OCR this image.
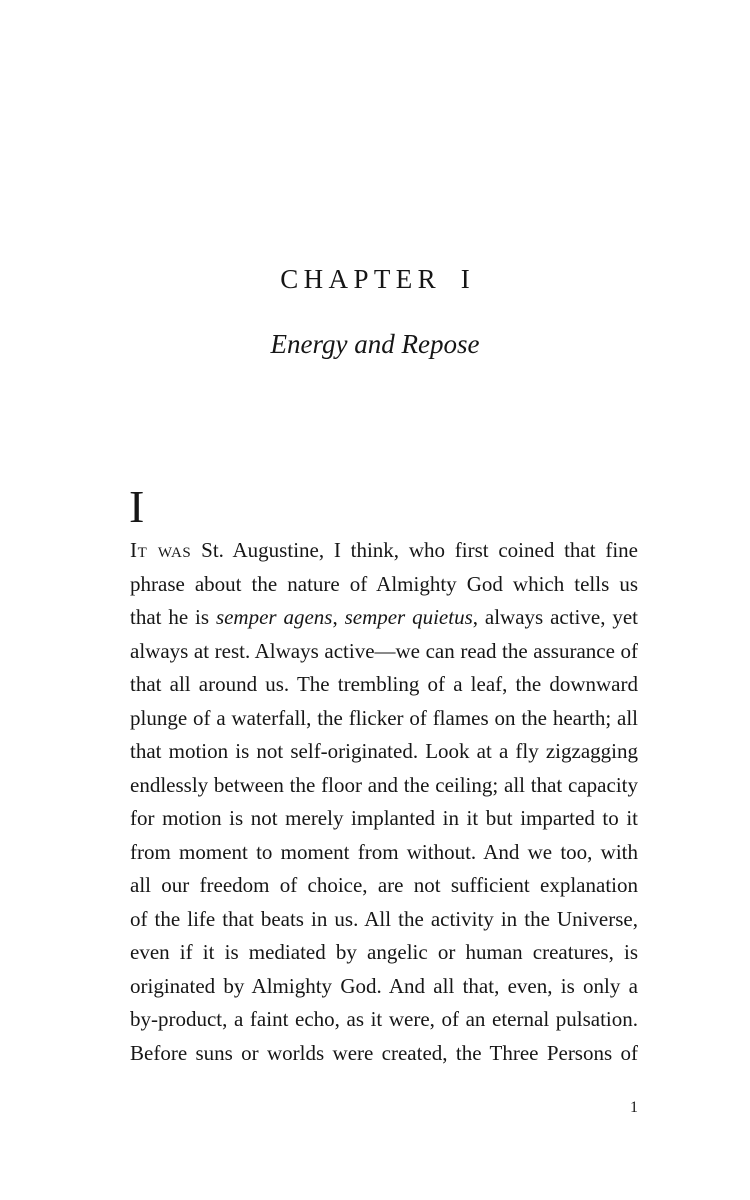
CHAPTER I
Energy and Repose
I
It was St. Augustine, I think, who first coined that fine
phrase about the nature of Almighty God which tells us
that he is semper agens, semper quietus, always active, yet
always at rest. Always active—we can read the assurance of
that all around us. The trembling of a leaf, the downward
plunge of a waterfall, the flicker of flames on the hearth; all
that motion is not self-originated. Look at a fly zigzagging
endlessly between the floor and the ceiling; all that capacity
for motion is not merely implanted in it but imparted to it
from moment to moment from without. And we too, with
all our freedom of choice, are not sufficient explanation
of the life that beats in us. All the activity in the Universe,
even if it is mediated by angelic or human creatures, is
originated by Almighty God. And all that, even, is only a
by-product, a faint echo, as it were, of an eternal pulsation.
Before suns or worlds were created, the Three Persons of
1
